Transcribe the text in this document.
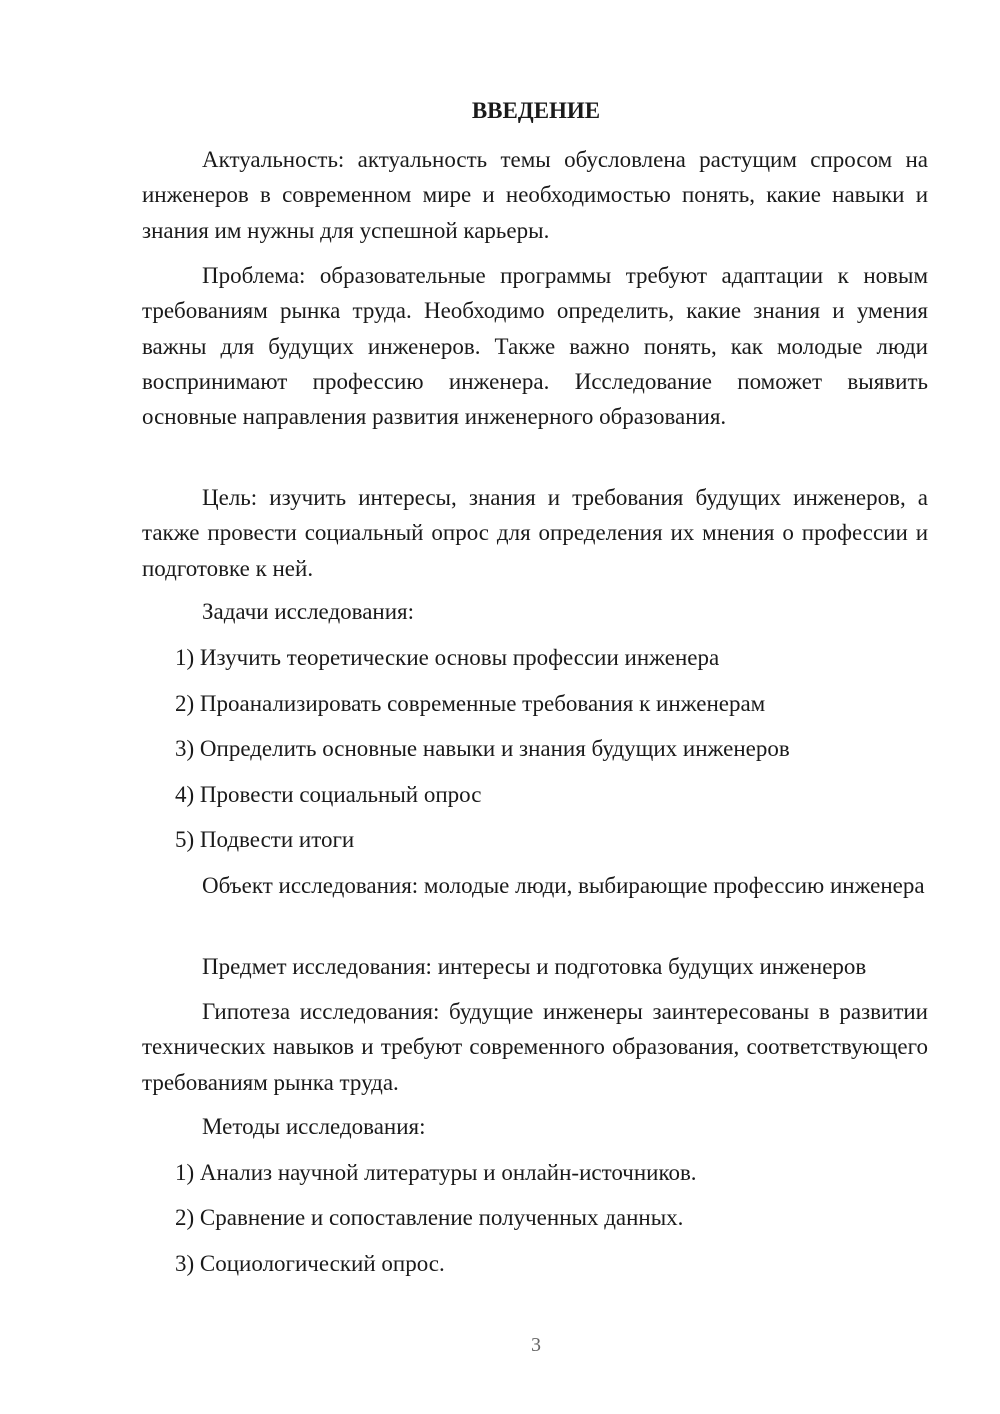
ВВЕДЕНИЕ
Актуальность: актуальность темы обусловлена растущим спросом на инженеров в современном мире и необходимостью понять, какие навыки и знания им нужны для успешной карьеры.
Проблема: образовательные программы требуют адаптации к новым требованиям рынка труда. Необходимо определить, какие знания и умения важны для будущих инженеров. Также важно понять, как молодые люди воспринимают профессию инженера. Исследование поможет выявить основные направления развития инженерного образования.
Цель: изучить интересы, знания и требования будущих инженеров, а также провести социальный опрос для определения их мнения о профессии и подготовке к ней.
Задачи исследования:
1) Изучить теоретические основы профессии инженера
2) Проанализировать современные требования к инженерам
3) Определить основные навыки и знания будущих инженеров
4) Провести социальный опрос
5) Подвести итоги
Объект исследования: молодые люди, выбирающие профессию инженера
Предмет исследования: интересы и подготовка будущих инженеров
Гипотеза исследования: будущие инженеры заинтересованы в развитии технических навыков и требуют современного образования, соответствующего требованиям рынка труда.
Методы исследования:
1) Анализ научной литературы и онлайн-источников.
2) Сравнение и сопоставление полученных данных.
3) Социологический опрос.
3
